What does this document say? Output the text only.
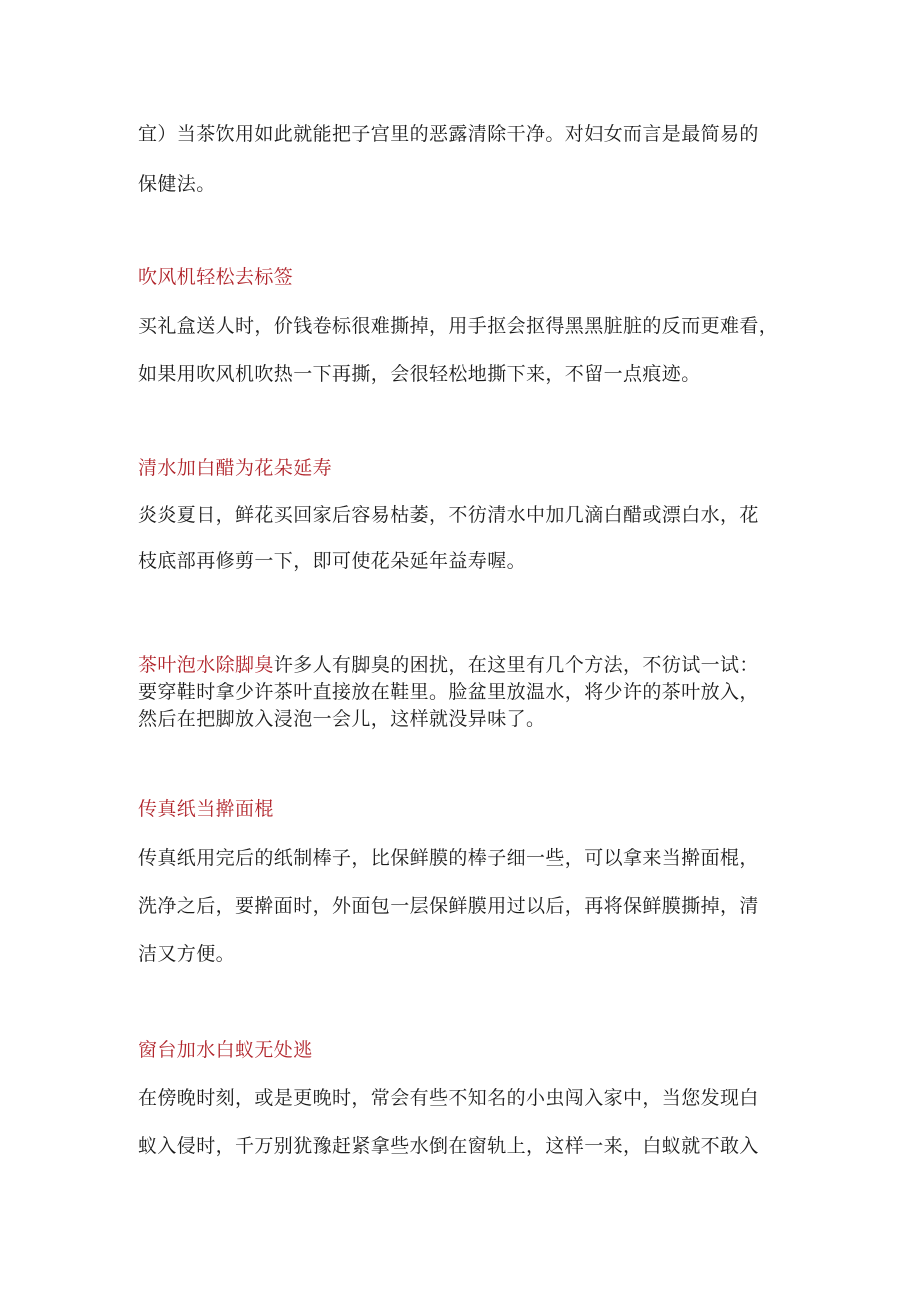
宜）当茶饮用如此就能把子宫里的恶露清除干净。对妇女而言是最简易的
保健法。
吹风机轻松去标签
买礼盒送人时，价钱卷标很难撕掉，用手抠会抠得黑黑脏脏的反而更难看，
如果用吹风机吹热一下再撕，会很轻松地撕下来，不留一点痕迹。
清水加白醋为花朵延寿
炎炎夏日，鲜花买回家后容易枯萎，不彷清水中加几滴白醋或漂白水，花
枝底部再修剪一下，即可使花朵延年益寿喔。
茶叶泡水除脚臭许多人有脚臭的困扰，在这里有几个方法，不彷试一试：
要穿鞋时拿少许茶叶直接放在鞋里。脸盆里放温水，将少许的茶叶放入，
然后在把脚放入浸泡一会儿，这样就没异味了。
传真纸当擀面棍
传真纸用完后的纸制棒子，比保鲜膜的棒子细一些，可以拿来当擀面棍，
洗净之后，要擀面时，外面包一层保鲜膜用过以后，再将保鲜膜撕掉，清
洁又方便。
窗台加水白蚁无处逃
在傍晚时刻，或是更晚时，常会有些不知名的小虫闯入家中，当您发现白
蚁入侵时，千万别犹豫赶紧拿些水倒在窗轨上，这样一来，白蚁就不敢入
